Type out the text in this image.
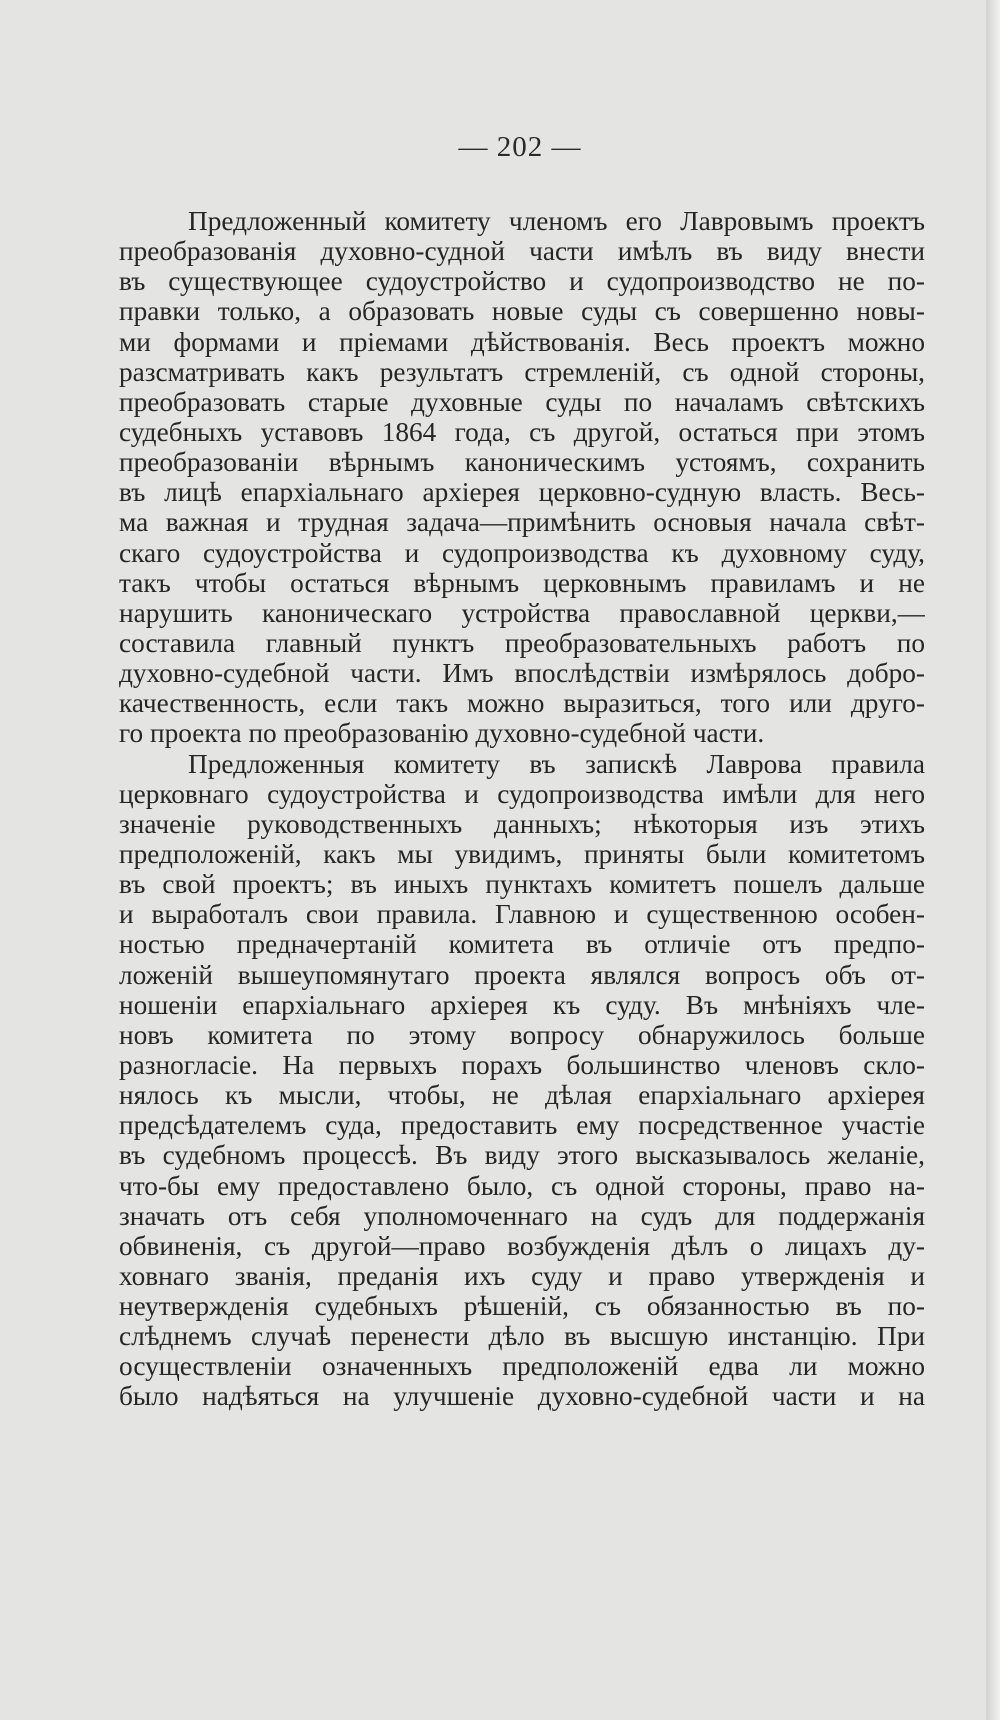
— 202 —
Предложенный комитету членомъ его Лавровымъ проектъ
преобразованія духовно-судной части имѣлъ въ виду внести
въ существующее судоустройство и судопроизводство не по-
правки только, а образовать новые суды съ совершенно новы-
ми формами и пріемами дѣйствованія. Весь проектъ можно
разсматривать какъ результатъ стремленій, съ одной стороны,
преобразовать старые духовные суды по началамъ свѣтскихъ
судебныхъ уставовъ 1864 года, съ другой, остаться при этомъ
преобразованіи вѣрнымъ каноническимъ устоямъ, сохранить
въ лицѣ епархіальнаго архіерея церковно-судную власть. Весь-
ма важная и трудная задача—примѣнить основыя начала свѣт-
скаго судоустройства и судопроизводства къ духовному суду,
такъ чтобы остаться вѣрнымъ церковнымъ правиламъ и не
нарушить каноническаго устройства православной церкви,—
составила главный пунктъ преобразовательныхъ работъ по
духовно-судебной части. Имъ впослѣдствіи измѣрялось добро-
качественность, если такъ можно выразиться, того или друго-
го проекта по преобразованію духовно-судебной части.
Предложенныя комитету въ запискѣ Лаврова правила
церковнаго судоустройства и судопроизводства имѣли для него
значеніе руководственныхъ данныхъ; нѣкоторыя изъ этихъ
предположеній, какъ мы увидимъ, приняты были комитетомъ
въ свой проектъ; въ иныхъ пунктахъ комитетъ пошелъ дальше
и выработалъ свои правила. Главною и существенною особен-
ностью предначертаній комитета въ отличіе отъ предпо-
ложеній вышеупомянутаго проекта являлся вопросъ объ от-
ношеніи епархіальнаго архіерея къ суду. Въ мнѣніяхъ чле-
новъ комитета по этому вопросу обнаружилось больше
разногласіе. На первыхъ порахъ большинство членовъ скло-
нялось къ мысли, чтобы, не дѣлая епархіальнаго архіерея
предсѣдателемъ суда, предоставить ему посредственное участіе
въ судебномъ процессѣ. Въ виду этого высказывалось желаніе,
что-бы ему предоставлено было, съ одной стороны, право на-
значать отъ себя уполномоченнаго на судъ для поддержанія
обвиненія, съ другой—право возбужденія дѣлъ о лицахъ ду-
ховнаго званія, преданія ихъ суду и право утвержденія и
неутвержденія судебныхъ рѣшеній, съ обязанностью въ по-
слѣднемъ случаѣ перенести дѣло въ высшую инстанцію. При
осуществленіи означенныхъ предположеній едва ли можно
было надѣяться на улучшеніе духовно-судебной части и на
